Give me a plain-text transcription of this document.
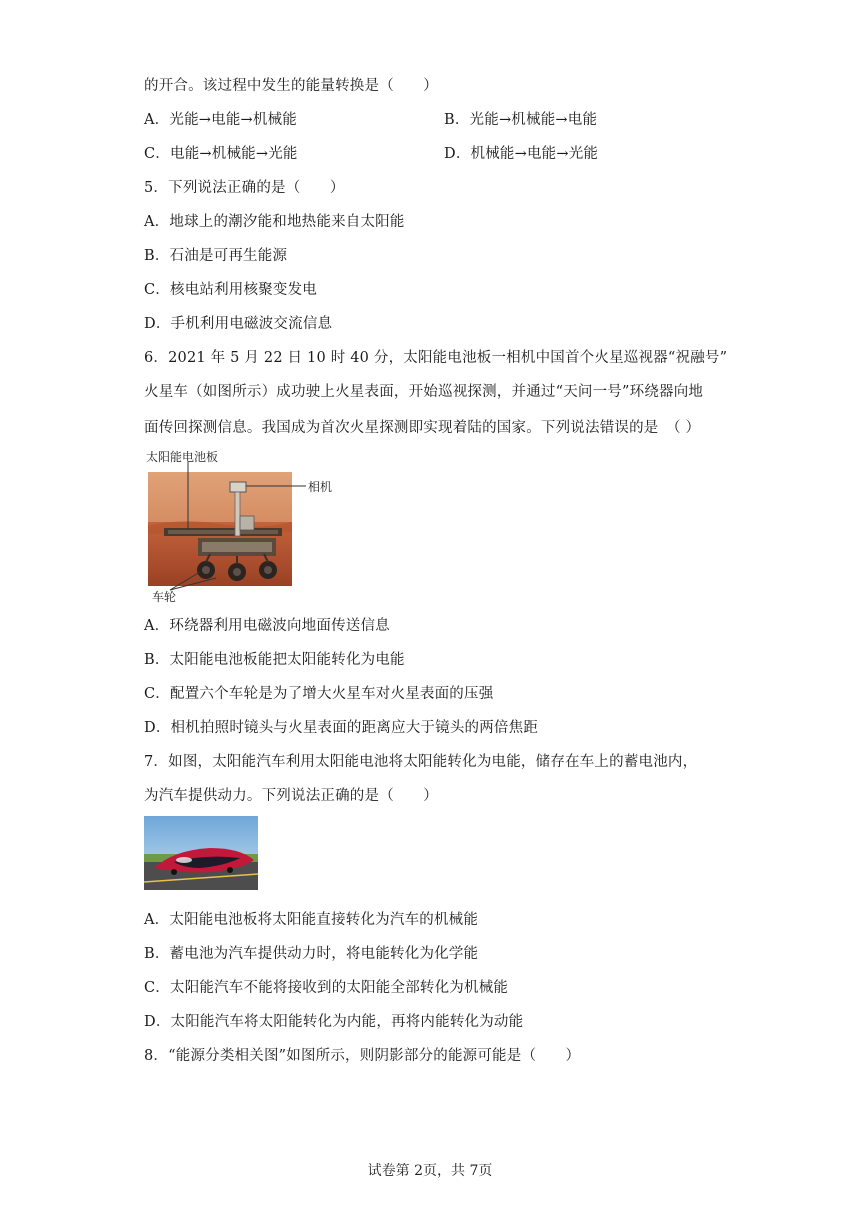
的开合。该过程中发生的能量转换是（　　）
A．光能→电能→机械能	B．光能→机械能→电能
C．电能→机械能→光能	D．机械能→电能→光能
5．下列说法正确的是（　　）
A．地球上的潮汐能和地热能来自太阳能
B．石油是可再生能源
C．核电站利用核聚变发电
D．手机利用电磁波交流信息
6．2021 年 5 月 22 日 10 时 40 分，太阳能电池板一相机中国首个火星巡视器“祝融号”
火星车（如图所示）成功驶上火星表面，开始巡视探测，并通过“天问一号”环绕器向地
面传回探测信息。我国成为首次火星探测即实现着陆的国家。下列说法错误的是　（ ）
太阳能电池板
相机
车轮
A．环绕器利用电磁波向地面传送信息
B．太阳能电池板能把太阳能转化为电能
C．配置六个车轮是为了增大火星车对火星表面的压强
D．相机拍照时镜头与火星表面的距离应大于镜头的两倍焦距
7．如图，太阳能汽车利用太阳能电池将太阳能转化为电能，储存在车上的蓄电池内，
为汽车提供动力。下列说法正确的是（　　）
A．太阳能电池板将太阳能直接转化为汽车的机械能
B．蓄电池为汽车提供动力时，将电能转化为化学能
C．太阳能汽车不能将接收到的太阳能全部转化为机械能
D．太阳能汽车将太阳能转化为内能，再将内能转化为动能
8．“能源分类相关图”如图所示，则阴影部分的能源可能是（　　）
试卷第 2页，共 7页
